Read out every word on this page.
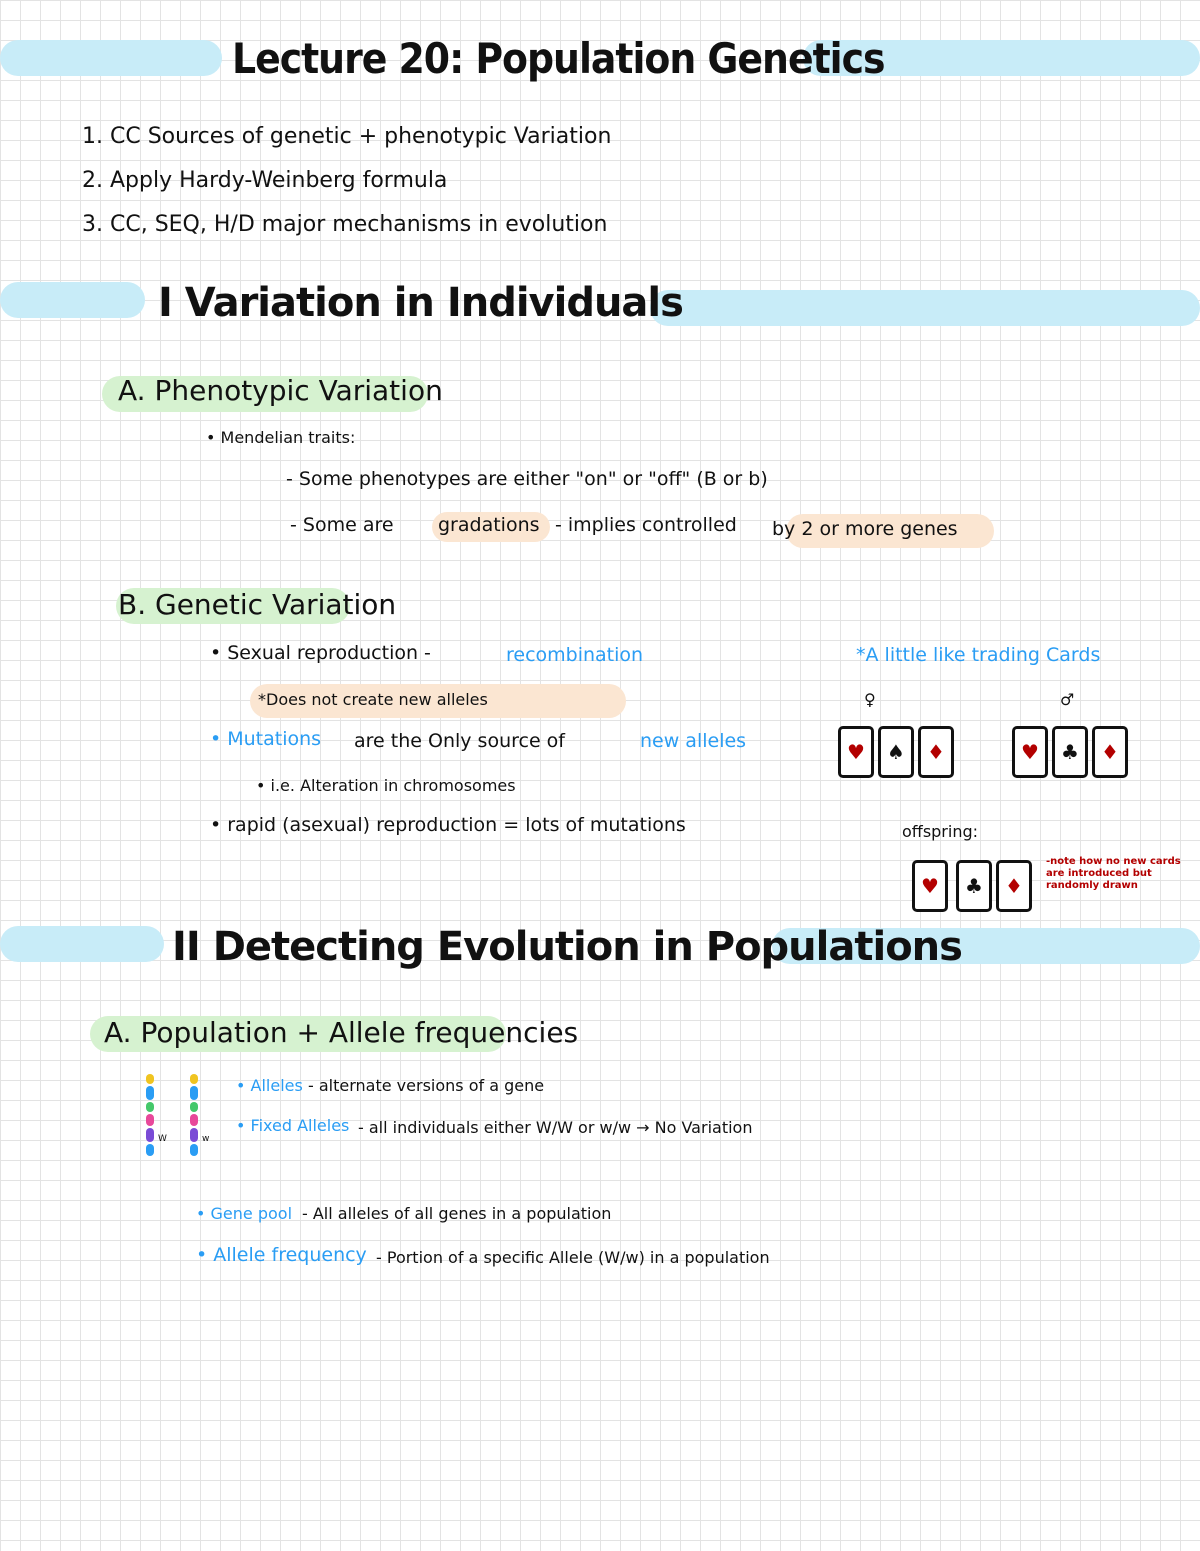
Lecture 20: Population Genetics
1. CC Sources of genetic + phenotypic Variation
2. Apply Hardy-Weinberg formula
3. CC, SEQ, H/D major mechanisms in evolution
I Variation in Individuals
A. Phenotypic Variation
• Mendelian traits:
- Some phenotypes are either "on" or "off" (B or b)
- Some are gradations - implies controlled by 2 or more genes
B. Genetic Variation
• Sexual reproduction -	recombination
*Does not create new alleles
• Mutations are the Only source of	new alleles
• i.e. Alteration in chromosomes
• rapid (asexual) reproduction = lots of mutations
*A little like trading Cards
♀	♂
♥	♠	♦	♥	♣	♦
offspring:
♥	♣	♦
-note how no new cards are introduced but randomly drawn
II Detecting Evolution in Populations
A. Population + Allele frequencies
W	w
• Alleles - alternate versions of a gene
• Fixed Alleles - all individuals either W/W or w/w → No Variation
• Gene pool - All alleles of all genes in a population
• Allele frequency - Portion of a specific Allele (W/w) in a population
